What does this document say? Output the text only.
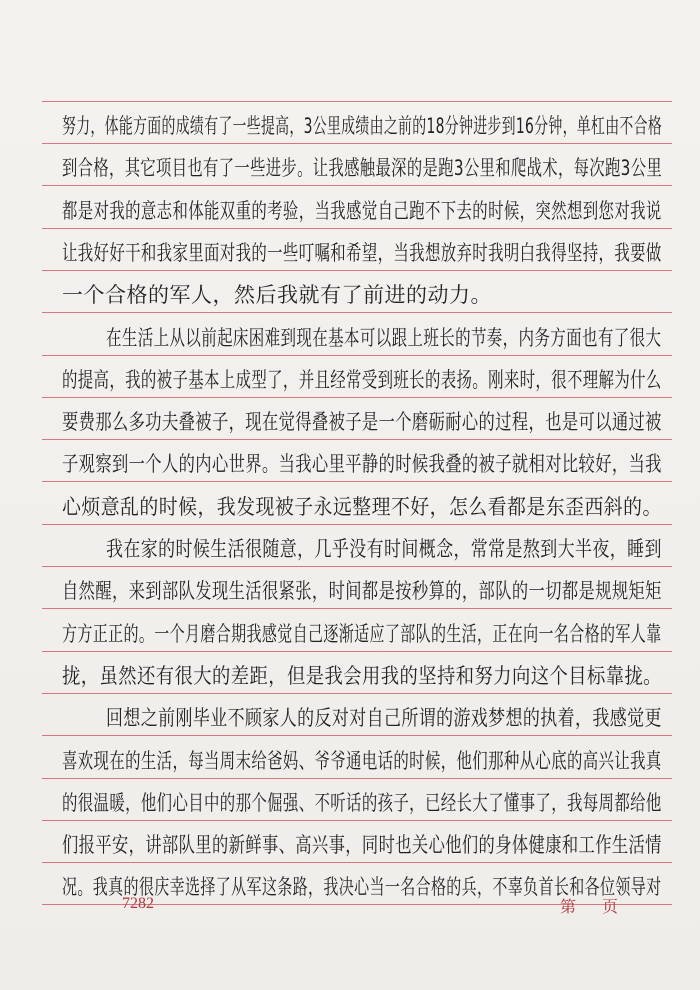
努力，体能方面的成绩有了一些提高，3公里成绩由之前的18分钟进步到16分钟，单杠由不合格
到合格，其它项目也有了一些进步。让我感触最深的是跑3公里和爬战术，每次跑3公里
都是对我的意志和体能双重的考验，当我感觉自己跑不下去的时候，突然想到您对我说
让我好好干和我家里面对我的一些叮嘱和希望，当我想放弃时我明白我得坚持，我要做
一个合格的军人，然后我就有了前进的动力。
在生活上从以前起床困难到现在基本可以跟上班长的节奏，内务方面也有了很大
的提高，我的被子基本上成型了，并且经常受到班长的表扬。刚来时，很不理解为什么
要费那么多功夫叠被子，现在觉得叠被子是一个磨砺耐心的过程，也是可以通过被
子观察到一个人的内心世界。当我心里平静的时候我叠的被子就相对比较好，当我
心烦意乱的时候，我发现被子永远整理不好，怎么看都是东歪西斜的。
我在家的时候生活很随意，几乎没有时间概念，常常是熬到大半夜，睡到
自然醒，来到部队发现生活很紧张，时间都是按秒算的，部队的一切都是规规矩矩
方方正正的。一个月磨合期我感觉自己逐渐适应了部队的生活，正在向一名合格的军人靠
拢，虽然还有很大的差距，但是我会用我的坚持和努力向这个目标靠拢。
回想之前刚毕业不顾家人的反对对自己所谓的游戏梦想的执着，我感觉更
喜欢现在的生活，每当周末给爸妈、爷爷通电话的时候，他们那种从心底的高兴让我真
的很温暖，他们心目中的那个倔强、不听话的孩子，已经长大了懂事了，我每周都给他
们报平安，讲部队里的新鲜事、高兴事，同时也关心他们的身体健康和工作生活情
况。我真的很庆幸选择了从军这条路，我决心当一名合格的兵，不辜负首长和各位领导对
7282	第页
